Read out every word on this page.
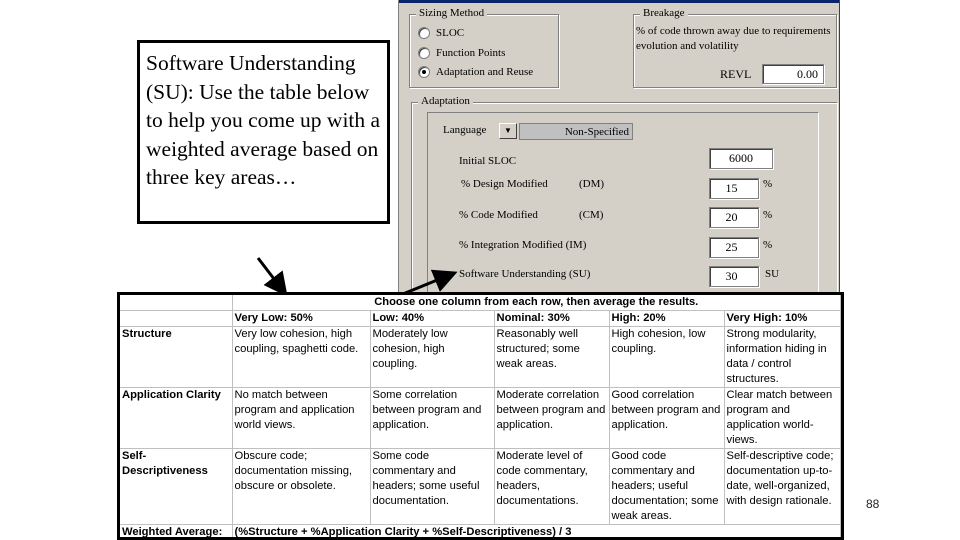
Sizing Method
SLOC
Function Points
Adaptation and Reuse
Breakage
% of code thrown away due to requirements evolution and volatility
REVL	0.00
Adaptation
Language	▼	Non-Specified
Initial SLOC	6000
% Design Modified	(DM)	15	%
% Code Modified	(CM)	20	%
% Integration Modified (IM)	25	%
Software Understanding (SU)	30	SU
Software Understanding (SU): Use the table below to help you come up with a weighted average based on three key areas…
	Choose one column from each row, then average the results.				
	Very Low: 50%	Low: 40%	Nominal: 30%	High: 20%	Very High: 10%
Structure	Very low cohesion, high coupling, spaghetti code.	Moderately low cohesion, high coupling.	Reasonably well structured; some weak areas.	High cohesion, low coupling.	Strong modularity, information hiding in data / control structures.
Application Clarity	No match between program and application world views.	Some correlation between program and application.	Moderate correlation between program and application.	Good correlation between program and application.	Clear match between program and application world-views.
Self-Descriptiveness	Obscure code; documentation missing, obscure or obsolete.	Some code commentary and headers; some useful documentation.	Moderate level of code commentary, headers, documentations.	Good code commentary and headers; useful documentation; some weak areas.	Self-descriptive code; documentation up-to-date, well-organized, with design rationale.
Weighted Average:	(%Structure + %Application Clarity + %Self-Descriptiveness) / 3				
88
